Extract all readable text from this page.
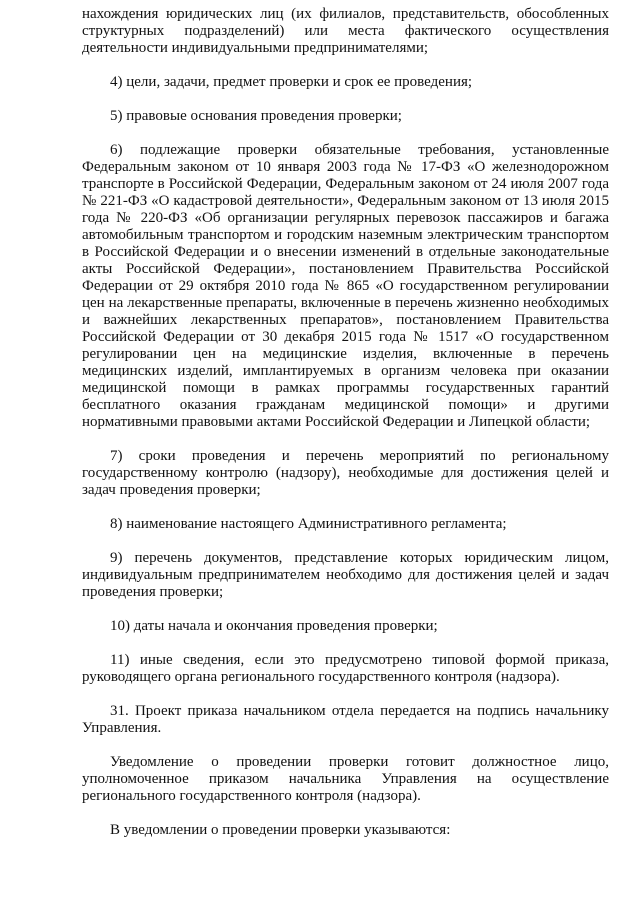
нахождения юридических лиц (их филиалов, представительств, обособленных структурных подразделений) или места фактического осуществления деятельности индивидуальными предпринимателями;

4) цели, задачи, предмет проверки и срок ее проведения;

5) правовые основания проведения проверки;

6) подлежащие проверки обязательные требования, установленные Федеральным законом от 10 января 2003 года № 17-ФЗ «О железнодорожном транспорте в Российской Федерации, Федеральным законом от 24 июля 2007 года № 221-ФЗ «О кадастровой деятельности», Федеральным законом от 13 июля 2015 года № 220-ФЗ «Об организации регулярных перевозок пассажиров и багажа автомобильным транспортом и городским наземным электрическим транспортом в Российской Федерации и о внесении изменений в отдельные законодательные акты Российской Федерации», постановлением Правительства Российской Федерации от 29 октября 2010 года № 865 «О государственном регулировании цен на лекарственные препараты, включенные в перечень жизненно необходимых и важнейших лекарственных препаратов», постановлением Правительства Российской Федерации от 30 декабря 2015 года № 1517 «О государственном регулировании цен на медицинские изделия, включенные в перечень медицинских изделий, имплантируемых в организм человека при оказании медицинской помощи в рамках программы государственных гарантий бесплатного оказания гражданам медицинской помощи» и другими нормативными правовыми актами Российской Федерации и Липецкой области;

7) сроки проведения и перечень мероприятий по региональному государственному контролю (надзору), необходимые для достижения целей и задач проведения проверки;

8) наименование настоящего Административного регламента;

9) перечень документов, представление которых юридическим лицом, индивидуальным предпринимателем необходимо для достижения целей и задач проведения проверки;

10) даты начала и окончания проведения проверки;

11) иные сведения, если это предусмотрено типовой формой приказа, руководящего органа регионального государственного контроля (надзора).

31. Проект приказа начальником отдела передается на подпись начальнику Управления.

Уведомление о проведении проверки готовит должностное лицо, уполномоченное приказом начальника Управления на осуществление регионального государственного контроля (надзора).

В уведомлении о проведении проверки указываются:
